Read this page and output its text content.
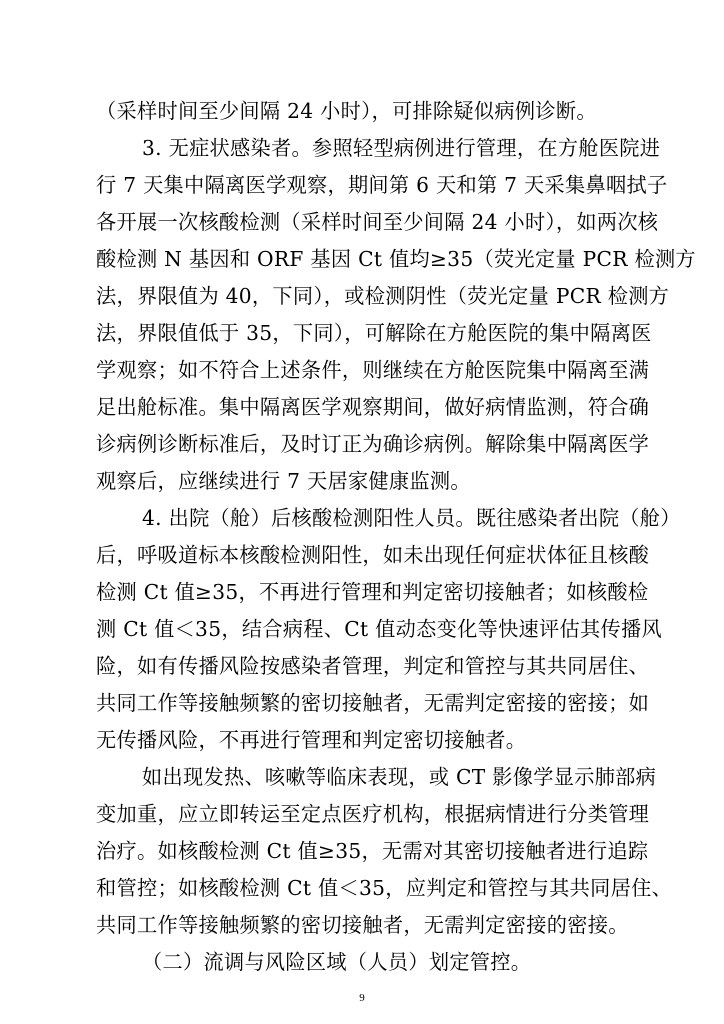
（采样时间至少间隔 24 小时），可排除疑似病例诊断。
3. 无症状感染者。参照轻型病例进行管理，在方舱医院进
行 7 天集中隔离医学观察，期间第 6 天和第 7 天采集鼻咽拭子
各开展一次核酸检测（采样时间至少间隔 24 小时），如两次核
酸检测 N 基因和 ORF 基因 Ct 值均≥35（荧光定量 PCR 检测方
法，界限值为 40，下同），或检测阴性（荧光定量 PCR 检测方
法，界限值低于 35，下同），可解除在方舱医院的集中隔离医
学观察；如不符合上述条件，则继续在方舱医院集中隔离至满
足出舱标准。集中隔离医学观察期间，做好病情监测，符合确
诊病例诊断标准后，及时订正为确诊病例。解除集中隔离医学
观察后，应继续进行 7 天居家健康监测。
4. 出院（舱）后核酸检测阳性人员。既往感染者出院（舱）
后，呼吸道标本核酸检测阳性，如未出现任何症状体征且核酸
检测 Ct 值≥35，不再进行管理和判定密切接触者；如核酸检
测 Ct 值＜35，结合病程、Ct 值动态变化等快速评估其传播风
险，如有传播风险按感染者管理，判定和管控与其共同居住、
共同工作等接触频繁的密切接触者，无需判定密接的密接；如
无传播风险，不再进行管理和判定密切接触者。
如出现发热、咳嗽等临床表现，或 CT 影像学显示肺部病
变加重，应立即转运至定点医疗机构，根据病情进行分类管理
治疗。如核酸检测 Ct 值≥35，无需对其密切接触者进行追踪
和管控；如核酸检测 Ct 值＜35，应判定和管控与其共同居住、
共同工作等接触频繁的密切接触者，无需判定密接的密接。
（二）流调与风险区域（人员）划定管控。
9
